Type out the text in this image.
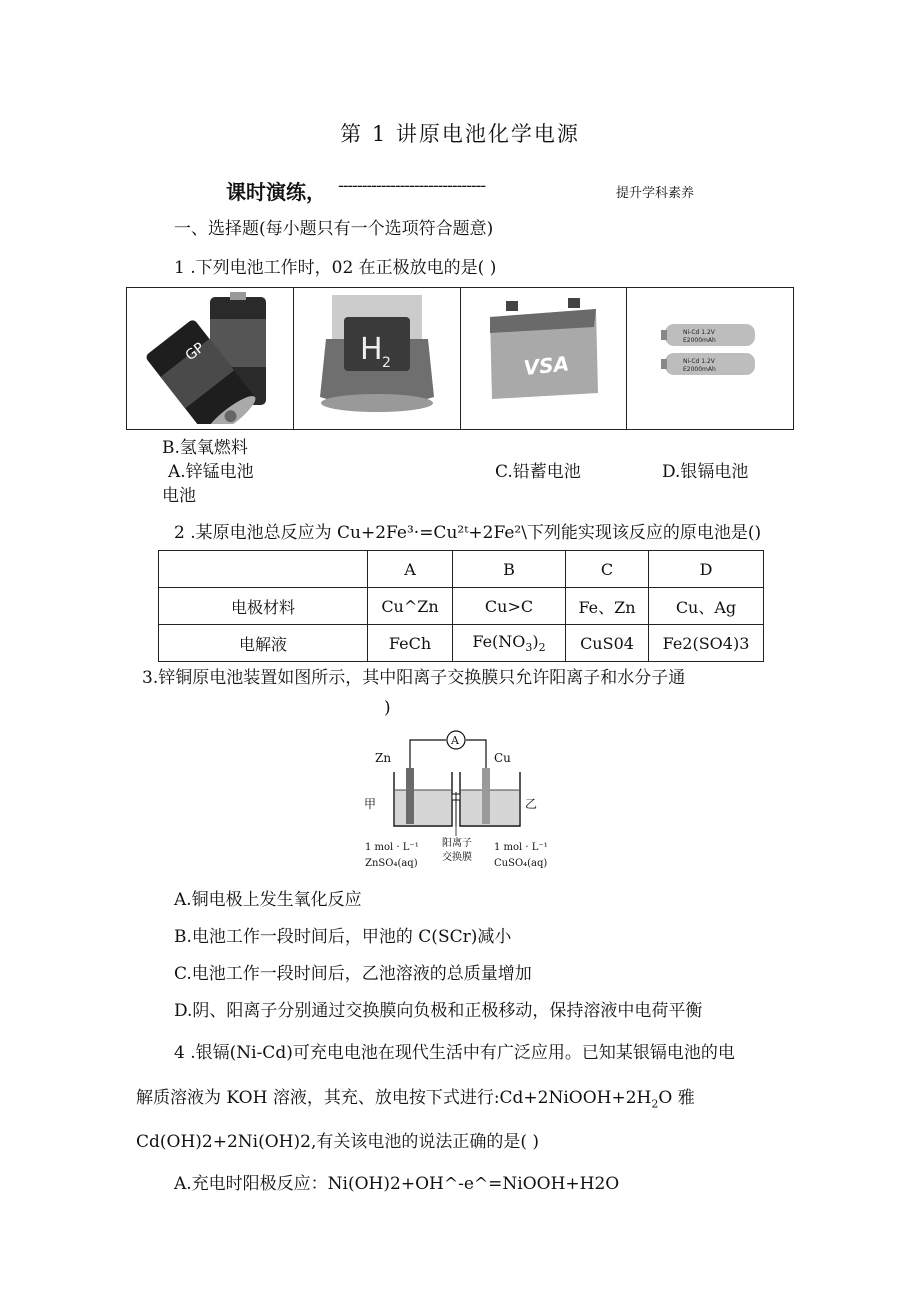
第 1 讲原电池化学电源
课时演练， -------------------------------	提升学科素养
一、选择题(每小题只有一个选项符合题意)
1 .下列电池工作时，02 在正极放电的是( )
GP	H 2	VSA

Ni-Cd 1.2V
E2000mAh
Ni-Cd 1.2V
E2000mAh
B.氢氧燃料
A.锌锰电池	C.铅蓄电池	D.银镉电池
电池
2 .某原电池总反应为 Cu+2Fe³·=Cu²ᵗ+2Fe²\下列能实现该反应的原电池是()
	A	B	C	D
电极材料	Cu^Zn	Cu>C	Fe、Zn	Cu、Ag
电解液	FeCh	$Fe(NO_3)_2$	CuS04	Fe2(SO4)3
3.锌铜原电池装置如图所示，其中阳离子交换膜只允许阳离子和水分子通
)
A
Zn	Cu
甲	乙
1 mol · L⁻¹
ZnSO₄(aq)
阳离子
交换膜
1 mol · L⁻¹
CuSO₄(aq)
A.铜电极上发生氧化反应
B.电池工作一段时间后，甲池的 C(SCr)减小
C.电池工作一段时间后，乙池溶液的总质量增加
D.阴、阳离子分别通过交换膜向负极和正极移动，保持溶液中电荷平衡
4 .银镉(Ni-Cd)可充电电池在现代生活中有广泛应用。已知某银镉电池的电
解质溶液为 KOH 溶液，其充、放电按下式进行$:Cd+2NiOOH+2H_2O$ 雅
Cd(OH)2+2Ni(OH)2,有关该电池的说法正确的是( )
A.充电时阳极反应：Ni(OH)2+OH^-e^=NiOOH+H2O
